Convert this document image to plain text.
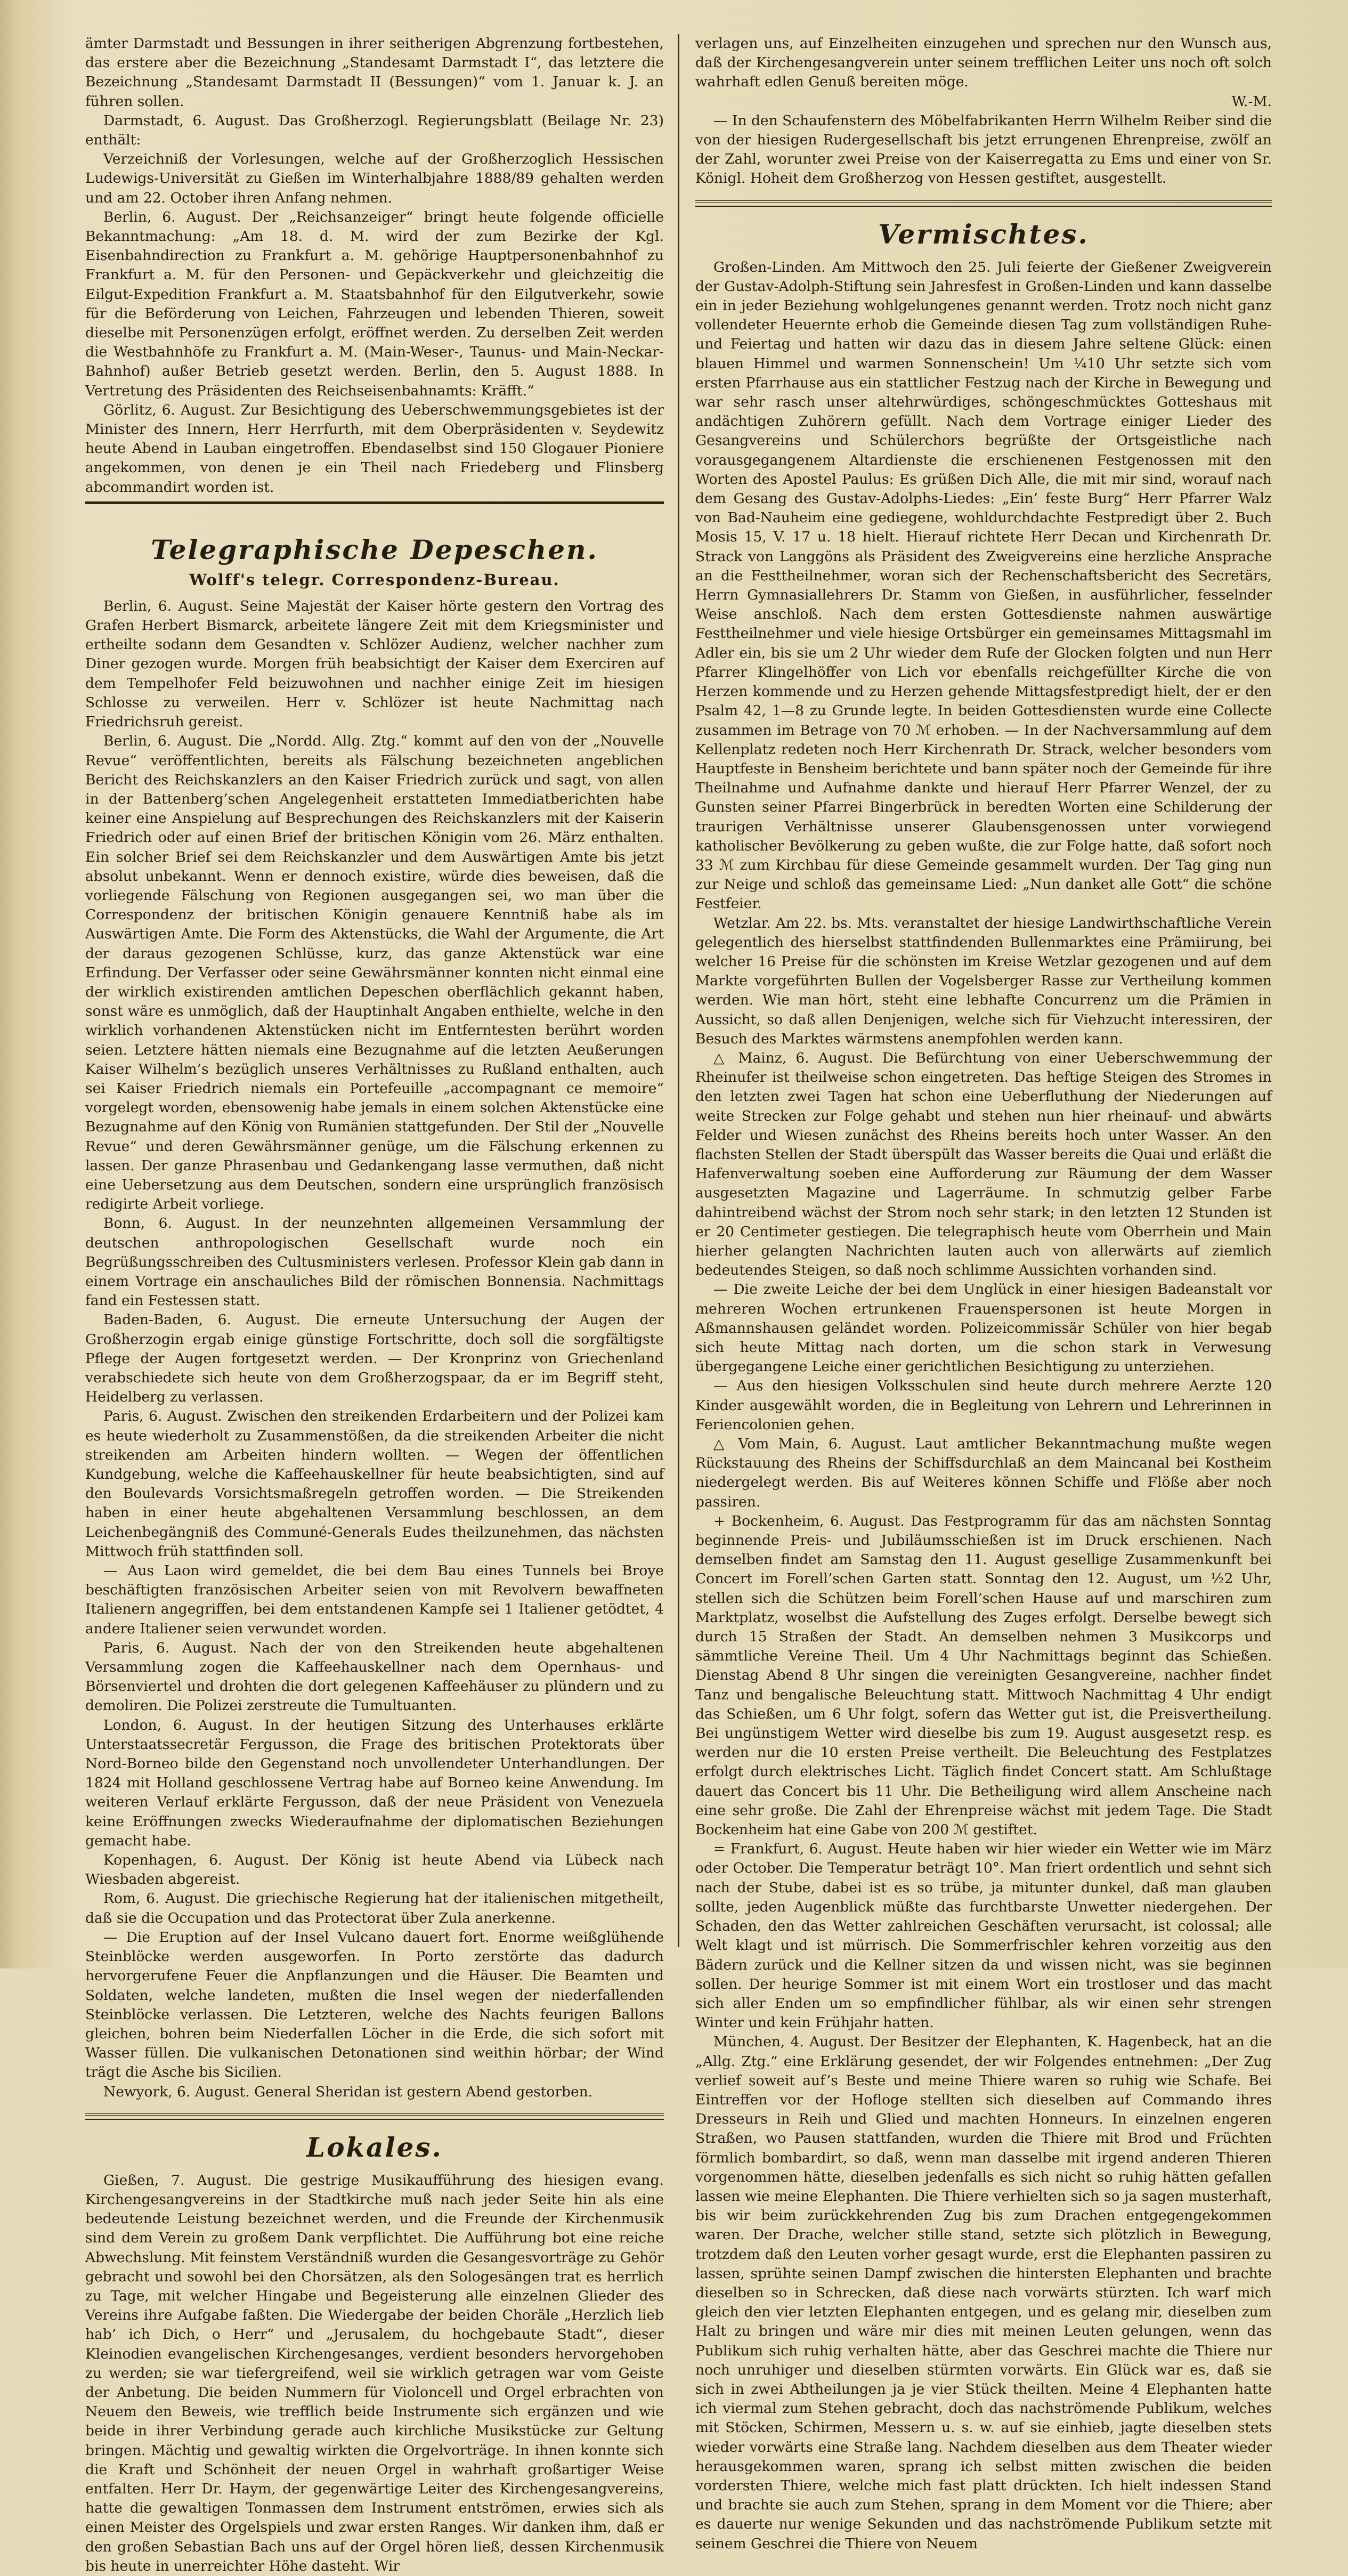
ämter Darmstadt und Bessungen in ihrer seitherigen Abgrenzung fortbestehen, das erstere aber die Bezeichnung „Standesamt Darmstadt I“, das letztere die Bezeichnung „Standesamt Darmstadt II (Bessungen)“ vom 1. Januar k. J. an führen sollen.

Darmstadt, 6. August. Das Großherzogl. Regierungsblatt (Beilage Nr. 23) enthält:

Verzeichniß der Vorlesungen, welche auf der Großherzoglich Hessischen Ludewigs-Universität zu Gießen im Winterhalbjahre 1888/89 gehalten werden und am 22. October ihren Anfang nehmen.

Berlin, 6. August. Der „Reichsanzeiger“ bringt heute folgende officielle Bekanntmachung: „Am 18. d. M. wird der zum Bezirke der Kgl. Eisenbahndirection zu Frankfurt a. M. gehörige Hauptpersonenbahnhof zu Frankfurt a. M. für den Personen- und Gepäckverkehr und gleichzeitig die Eilgut-Expedition Frankfurt a. M. Staatsbahnhof für den Eilgutverkehr, sowie für die Beförderung von Leichen, Fahrzeugen und lebenden Thieren, soweit dieselbe mit Personenzügen erfolgt, eröffnet werden. Zu derselben Zeit werden die Westbahnhöfe zu Frankfurt a. M. (Main-Weser-, Taunus- und Main-Neckar-Bahnhof) außer Betrieb gesetzt werden. Berlin, den 5. August 1888. In Vertretung des Präsidenten des Reichseisenbahnamts: Kräfft.“

Görlitz, 6. August. Zur Besichtigung des Ueberschwemmungsgebietes ist der Minister des Innern, Herr Herrfurth, mit dem Oberpräsidenten v. Seydewitz heute Abend in Lauban eingetroffen. Ebendaselbst sind 150 Glogauer Pioniere angekommen, von denen je ein Theil nach Friedeberg und Flinsberg abcommandirt worden ist.

Telegraphische Depeschen.
Wolff's telegr. Correspondenz-Bureau.

Berlin, 6. August. Seine Majestät der Kaiser hörte gestern den Vortrag des Grafen Herbert Bismarck, arbeitete längere Zeit mit dem Kriegsminister und ertheilte sodann dem Gesandten v. Schlözer Audienz, welcher nachher zum Diner gezogen wurde. Morgen früh beabsichtigt der Kaiser dem Exerciren auf dem Tempelhofer Feld beizuwohnen und nachher einige Zeit im hiesigen Schlosse zu verweilen. Herr v. Schlözer ist heute Nachmittag nach Friedrichsruh gereist.

Berlin, 6. August. Die „Nordd. Allg. Ztg.“ kommt auf den von der „Nouvelle Revue“ veröffentlichten, bereits als Fälschung bezeichneten angeblichen Bericht des Reichskanzlers an den Kaiser Friedrich zurück und sagt, von allen in der Battenberg’schen Angelegenheit erstatteten Immediatberichten habe keiner eine Anspielung auf Besprechungen des Reichskanzlers mit der Kaiserin Friedrich oder auf einen Brief der britischen Königin vom 26. März enthalten. Ein solcher Brief sei dem Reichskanzler und dem Auswärtigen Amte bis jetzt absolut unbekannt. Wenn er dennoch existire, würde dies beweisen, daß die vorliegende Fälschung von Regionen ausgegangen sei, wo man über die Correspondenz der britischen Königin genauere Kenntniß habe als im Auswärtigen Amte. Die Form des Aktenstücks, die Wahl der Argumente, die Art der daraus gezogenen Schlüsse, kurz, das ganze Aktenstück war eine Erfindung. Der Verfasser oder seine Gewährsmänner konnten nicht einmal eine der wirklich existirenden amtlichen Depeschen oberflächlich gekannt haben, sonst wäre es unmöglich, daß der Hauptinhalt Angaben enthielte, welche in den wirklich vorhandenen Aktenstücken nicht im Entferntesten berührt worden seien. Letztere hätten niemals eine Bezugnahme auf die letzten Aeußerungen Kaiser Wilhelm’s bezüglich unseres Verhältnisses zu Rußland enthalten, auch sei Kaiser Friedrich niemals ein Portefeuille „accompagnant ce memoire“ vorgelegt worden, ebensowenig habe jemals in einem solchen Aktenstücke eine Bezugnahme auf den König von Rumänien stattgefunden. Der Stil der „Nouvelle Revue“ und deren Gewährsmänner genüge, um die Fälschung erkennen zu lassen. Der ganze Phrasenbau und Gedankengang lasse vermuthen, daß nicht eine Uebersetzung aus dem Deutschen, sondern eine ursprünglich französisch redigirte Arbeit vorliege.

Bonn, 6. August. In der neunzehnten allgemeinen Versammlung der deutschen anthropologischen Gesellschaft wurde noch ein Begrüßungsschreiben des Cultusministers verlesen. Professor Klein gab dann in einem Vortrage ein anschauliches Bild der römischen Bonnensia. Nachmittags fand ein Festessen statt.

Baden-Baden, 6. August. Die erneute Untersuchung der Augen der Großherzogin ergab einige günstige Fortschritte, doch soll die sorgfältigste Pflege der Augen fortgesetzt werden. — Der Kronprinz von Griechenland verabschiedete sich heute von dem Großherzogspaar, da er im Begriff steht, Heidelberg zu verlassen.

Paris, 6. August. Zwischen den streikenden Erdarbeitern und der Polizei kam es heute wiederholt zu Zusammenstößen, da die streikenden Arbeiter die nicht streikenden am Arbeiten hindern wollten. — Wegen der öffentlichen Kundgebung, welche die Kaffeehauskellner für heute beabsichtigten, sind auf den Boulevards Vorsichtsmaßregeln getroffen worden. — Die Streikenden haben in einer heute abgehaltenen Versammlung beschlossen, an dem Leichenbegängniß des Communé-Generals Eudes theilzunehmen, das nächsten Mittwoch früh stattfinden soll.

— Aus Laon wird gemeldet, die bei dem Bau eines Tunnels bei Broye beschäftigten französischen Arbeiter seien von mit Revolvern bewaffneten Italienern angegriffen, bei dem entstandenen Kampfe sei 1 Italiener getödtet, 4 andere Italiener seien verwundet worden.

Paris, 6. August. Nach der von den Streikenden heute abgehaltenen Versammlung zogen die Kaffeehauskellner nach dem Opernhaus- und Börsenviertel und drohten die dort gelegenen Kaffeehäuser zu plündern und zu demoliren. Die Polizei zerstreute die Tumultuanten.

London, 6. August. In der heutigen Sitzung des Unterhauses erklärte Unterstaatssecretär Fergusson, die Frage des britischen Protektorats über Nord-Borneo bilde den Gegenstand noch unvollendeter Unterhandlungen. Der 1824 mit Holland geschlossene Vertrag habe auf Borneo keine Anwendung. Im weiteren Verlauf erklärte Fergusson, daß der neue Präsident von Venezuela keine Eröffnungen zwecks Wiederaufnahme der diplomatischen Beziehungen gemacht habe.

Kopenhagen, 6. August. Der König ist heute Abend via Lübeck nach Wiesbaden abgereist.

Rom, 6. August. Die griechische Regierung hat der italienischen mitgetheilt, daß sie die Occupation und das Protectorat über Zula anerkenne.

— Die Eruption auf der Insel Vulcano dauert fort. Enorme weißglühende Steinblöcke werden ausgeworfen. In Porto zerstörte das dadurch hervorgerufene Feuer die Anpflanzungen und die Häuser. Die Beamten und Soldaten, welche landeten, mußten die Insel wegen der niederfallenden Steinblöcke verlassen. Die Letzteren, welche des Nachts feurigen Ballons gleichen, bohren beim Niederfallen Löcher in die Erde, die sich sofort mit Wasser füllen. Die vulkanischen Detonationen sind weithin hörbar; der Wind trägt die Asche bis Sicilien.

Newyork, 6. August. General Sheridan ist gestern Abend gestorben.

Lokales.

Gießen, 7. August. Die gestrige Musikaufführung des hiesigen evang. Kirchengesangvereins in der Stadtkirche muß nach jeder Seite hin als eine bedeutende Leistung bezeichnet werden, und die Freunde der Kirchenmusik sind dem Verein zu großem Dank verpflichtet. Die Aufführung bot eine reiche Abwechslung. Mit feinstem Verständniß wurden die Gesangesvorträge zu Gehör gebracht und sowohl bei den Chorsätzen, als den Sologesängen trat es herrlich zu Tage, mit welcher Hingabe und Begeisterung alle einzelnen Glieder des Vereins ihre Aufgabe faßten. Die Wiedergabe der beiden Choräle „Herzlich lieb hab’ ich Dich, o Herr“ und „Jerusalem, du hochgebaute Stadt“, dieser Kleinodien evangelischen Kirchengesanges, verdient besonders hervorgehoben zu werden; sie war tiefergreifend, weil sie wirklich getragen war vom Geiste der Anbetung. Die beiden Nummern für Violoncell und Orgel erbrachten von Neuem den Beweis, wie trefflich beide Instrumente sich ergänzen und wie beide in ihrer Verbindung gerade auch kirchliche Musikstücke zur Geltung bringen. Mächtig und gewaltig wirkten die Orgelvorträge. In ihnen konnte sich die Kraft und Schönheit der neuen Orgel in wahrhaft großartiger Weise entfalten. Herr Dr. Haym, der gegenwärtige Leiter des Kirchengesangvereins, hatte die gewaltigen Tonmassen dem Instrument entströmen, erwies sich als einen Meister des Orgelspiels und zwar ersten Ranges. Wir danken ihm, daß er den großen Sebastian Bach uns auf der Orgel hören ließ, dessen Kirchenmusik bis heute in unerreichter Höhe dasteht. Wir

verlagen uns, auf Einzelheiten einzugehen und sprechen nur den Wunsch aus, daß der Kirchengesangverein unter seinem trefflichen Leiter uns noch oft solch wahrhaft edlen Genuß bereiten möge.

W.-M.

— In den Schaufenstern des Möbelfabrikanten Herrn Wilhelm Reiber sind die von der hiesigen Rudergesellschaft bis jetzt errungenen Ehrenpreise, zwölf an der Zahl, worunter zwei Preise von der Kaiserregatta zu Ems und einer von Sr. Königl. Hoheit dem Großherzog von Hessen gestiftet, ausgestellt.

Vermischtes.

Großen-Linden. Am Mittwoch den 25. Juli feierte der Gießener Zweigverein der Gustav-Adolph-Stiftung sein Jahresfest in Großen-Linden und kann dasselbe ein in jeder Beziehung wohlgelungenes genannt werden. Trotz noch nicht ganz vollendeter Heuernte erhob die Gemeinde diesen Tag zum vollständigen Ruhe- und Feiertag und hatten wir dazu das in diesem Jahre seltene Glück: einen blauen Himmel und warmen Sonnenschein! Um ¼10 Uhr setzte sich vom ersten Pfarrhause aus ein stattlicher Festzug nach der Kirche in Bewegung und war sehr rasch unser altehrwürdiges, schöngeschmücktes Gotteshaus mit andächtigen Zuhörern gefüllt. Nach dem Vortrage einiger Lieder des Gesangvereins und Schülerchors begrüßte der Ortsgeistliche nach vorausgegangenem Altardienste die erschienenen Festgenossen mit den Worten des Apostel Paulus: Es grüßen Dich Alle, die mit mir sind, worauf nach dem Gesang des Gustav-Adolphs-Liedes: „Ein’ feste Burg“ Herr Pfarrer Walz von Bad-Nauheim eine gediegene, wohldurchdachte Festpredigt über 2. Buch Mosis 15, V. 17 u. 18 hielt. Hierauf richtete Herr Decan und Kirchenrath Dr. Strack von Langgöns als Präsident des Zweigvereins eine herzliche Ansprache an die Festtheilnehmer, woran sich der Rechenschaftsbericht des Secretärs, Herrn Gymnasiallehrers Dr. Stamm von Gießen, in ausführlicher, fesselnder Weise anschloß. Nach dem ersten Gottesdienste nahmen auswärtige Festtheilnehmer und viele hiesige Ortsbürger ein gemeinsames Mittagsmahl im Adler ein, bis sie um 2 Uhr wieder dem Rufe der Glocken folgten und nun Herr Pfarrer Klingelhöffer von Lich vor ebenfalls reichgefüllter Kirche die von Herzen kommende und zu Herzen gehende Mittagsfestpredigt hielt, der er den Psalm 42, 1—8 zu Grunde legte. In beiden Gottesdiensten wurde eine Collecte zusammen im Betrage von 70 ℳ erhoben. — In der Nachversammlung auf dem Kellenplatz redeten noch Herr Kirchenrath Dr. Strack, welcher besonders vom Hauptfeste in Bensheim berichtete und bann später noch der Gemeinde für ihre Theilnahme und Aufnahme dankte und hierauf Herr Pfarrer Wenzel, der zu Gunsten seiner Pfarrei Bingerbrück in beredten Worten eine Schilderung der traurigen Verhältnisse unserer Glaubensgenossen unter vorwiegend katholischer Bevölkerung zu geben wußte, die zur Folge hatte, daß sofort noch 33 ℳ zum Kirchbau für diese Gemeinde gesammelt wurden. Der Tag ging nun zur Neige und schloß das gemeinsame Lied: „Nun danket alle Gott“ die schöne Festfeier.

Wetzlar. Am 22. bs. Mts. veranstaltet der hiesige Landwirthschaftliche Verein gelegentlich des hierselbst stattfindenden Bullenmarktes eine Prämiirung, bei welcher 16 Preise für die schönsten im Kreise Wetzlar gezogenen und auf dem Markte vorgeführten Bullen der Vogelsberger Rasse zur Vertheilung kommen werden. Wie man hört, steht eine lebhafte Concurrenz um die Prämien in Aussicht, so daß allen Denjenigen, welche sich für Viehzucht interessiren, der Besuch des Marktes wärmstens anempfohlen werden kann.

△ Mainz, 6. August. Die Befürchtung von einer Ueberschwemmung der Rheinufer ist theilweise schon eingetreten. Das heftige Steigen des Stromes in den letzten zwei Tagen hat schon eine Ueberfluthung der Niederungen auf weite Strecken zur Folge gehabt und stehen nun hier rheinauf- und abwärts Felder und Wiesen zunächst des Rheins bereits hoch unter Wasser. An den flachsten Stellen der Stadt überspült das Wasser bereits die Quai und erläßt die Hafenverwaltung soeben eine Aufforderung zur Räumung der dem Wasser ausgesetzten Magazine und Lagerräume. In schmutzig gelber Farbe dahintreibend wächst der Strom noch sehr stark; in den letzten 12 Stunden ist er 20 Centimeter gestiegen. Die telegraphisch heute vom Oberrhein und Main hierher gelangten Nachrichten lauten auch von allerwärts auf ziemlich bedeutendes Steigen, so daß noch schlimme Aussichten vorhanden sind.

— Die zweite Leiche der bei dem Unglück in einer hiesigen Badeanstalt vor mehreren Wochen ertrunkenen Frauenspersonen ist heute Morgen in Aßmannshausen geländet worden. Polizeicommissär Schüler von hier begab sich heute Mittag nach dorten, um die schon stark in Verwesung übergegangene Leiche einer gerichtlichen Besichtigung zu unterziehen.

— Aus den hiesigen Volksschulen sind heute durch mehrere Aerzte 120 Kinder ausgewählt worden, die in Begleitung von Lehrern und Lehrerinnen in Feriencolonien gehen.

△ Vom Main, 6. August. Laut amtlicher Bekanntmachung mußte wegen Rückstauung des Rheins der Schiffsdurchlaß an dem Maincanal bei Kostheim niedergelegt werden. Bis auf Weiteres können Schiffe und Flöße aber noch passiren.

+ Bockenheim, 6. August. Das Festprogramm für das am nächsten Sonntag beginnende Preis- und Jubiläumsschießen ist im Druck erschienen. Nach demselben findet am Samstag den 11. August gesellige Zusammenkunft bei Concert im Forell’schen Garten statt. Sonntag den 12. August, um ½2 Uhr, stellen sich die Schützen beim Forell’schen Hause auf und marschiren zum Marktplatz, woselbst die Aufstellung des Zuges erfolgt. Derselbe bewegt sich durch 15 Straßen der Stadt. An demselben nehmen 3 Musikcorps und sämmtliche Vereine Theil. Um 4 Uhr Nachmittags beginnt das Schießen. Dienstag Abend 8 Uhr singen die vereinigten Gesangvereine, nachher findet Tanz und bengalische Beleuchtung statt. Mittwoch Nachmittag 4 Uhr endigt das Schießen, um 6 Uhr folgt, sofern das Wetter gut ist, die Preisvertheilung. Bei ungünstigem Wetter wird dieselbe bis zum 19. August ausgesetzt resp. es werden nur die 10 ersten Preise vertheilt. Die Beleuchtung des Festplatzes erfolgt durch elektrisches Licht. Täglich findet Concert statt. Am Schlußtage dauert das Concert bis 11 Uhr. Die Betheiligung wird allem Anscheine nach eine sehr große. Die Zahl der Ehrenpreise wächst mit jedem Tage. Die Stadt Bockenheim hat eine Gabe von 200 ℳ gestiftet.

= Frankfurt, 6. August. Heute haben wir hier wieder ein Wetter wie im März oder October. Die Temperatur beträgt 10°. Man friert ordentlich und sehnt sich nach der Stube, dabei ist es so trübe, ja mitunter dunkel, daß man glauben sollte, jeden Augenblick müßte das furchtbarste Unwetter niedergehen. Der Schaden, den das Wetter zahlreichen Geschäften verursacht, ist colossal; alle Welt klagt und ist mürrisch. Die Sommerfrischler kehren vorzeitig aus den Bädern zurück und die Kellner sitzen da und wissen nicht, was sie beginnen sollen. Der heurige Sommer ist mit einem Wort ein trostloser und das macht sich aller Enden um so empfindlicher fühlbar, als wir einen sehr strengen Winter und kein Frühjahr hatten.

München, 4. August. Der Besitzer der Elephanten, K. Hagenbeck, hat an die „Allg. Ztg.“ eine Erklärung gesendet, der wir Folgendes entnehmen: „Der Zug verlief soweit auf’s Beste und meine Thiere waren so ruhig wie Schafe. Bei Eintreffen vor der Hofloge stellten sich dieselben auf Commando ihres Dresseurs in Reih und Glied und machten Honneurs. In einzelnen engeren Straßen, wo Pausen stattfanden, wurden die Thiere mit Brod und Früchten förmlich bombardirt, so daß, wenn man dasselbe mit irgend anderen Thieren vorgenommen hätte, dieselben jedenfalls es sich nicht so ruhig hätten gefallen lassen wie meine Elephanten. Die Thiere verhielten sich so ja sagen musterhaft, bis wir beim zurückkehrenden Zug bis zum Drachen entgegengekommen waren. Der Drache, welcher stille stand, setzte sich plötzlich in Bewegung, trotzdem daß den Leuten vorher gesagt wurde, erst die Elephanten passiren zu lassen, sprühte seinen Dampf zwischen die hintersten Elephanten und brachte dieselben so in Schrecken, daß diese nach vorwärts stürzten. Ich warf mich gleich den vier letzten Elephanten entgegen, und es gelang mir, dieselben zum Halt zu bringen und wäre mir dies mit meinen Leuten gelungen, wenn das Publikum sich ruhig verhalten hätte, aber das Geschrei machte die Thiere nur noch unruhiger und dieselben stürmten vorwärts. Ein Glück war es, daß sie sich in zwei Abtheilungen ja je vier Stück theilten. Meine 4 Elephanten hatte ich viermal zum Stehen gebracht, doch das nachströmende Publikum, welches mit Stöcken, Schirmen, Messern u. s. w. auf sie einhieb, jagte dieselben stets wieder vorwärts eine Straße lang. Nachdem dieselben aus dem Theater wieder herausgekommen waren, sprang ich selbst mitten zwischen die beiden vordersten Thiere, welche mich fast platt drückten. Ich hielt indessen Stand und brachte sie auch zum Stehen, sprang in dem Moment vor die Thiere; aber es dauerte nur wenige Sekunden und das nachströmende Publikum setzte mit seinem Geschrei die Thiere von Neuem
